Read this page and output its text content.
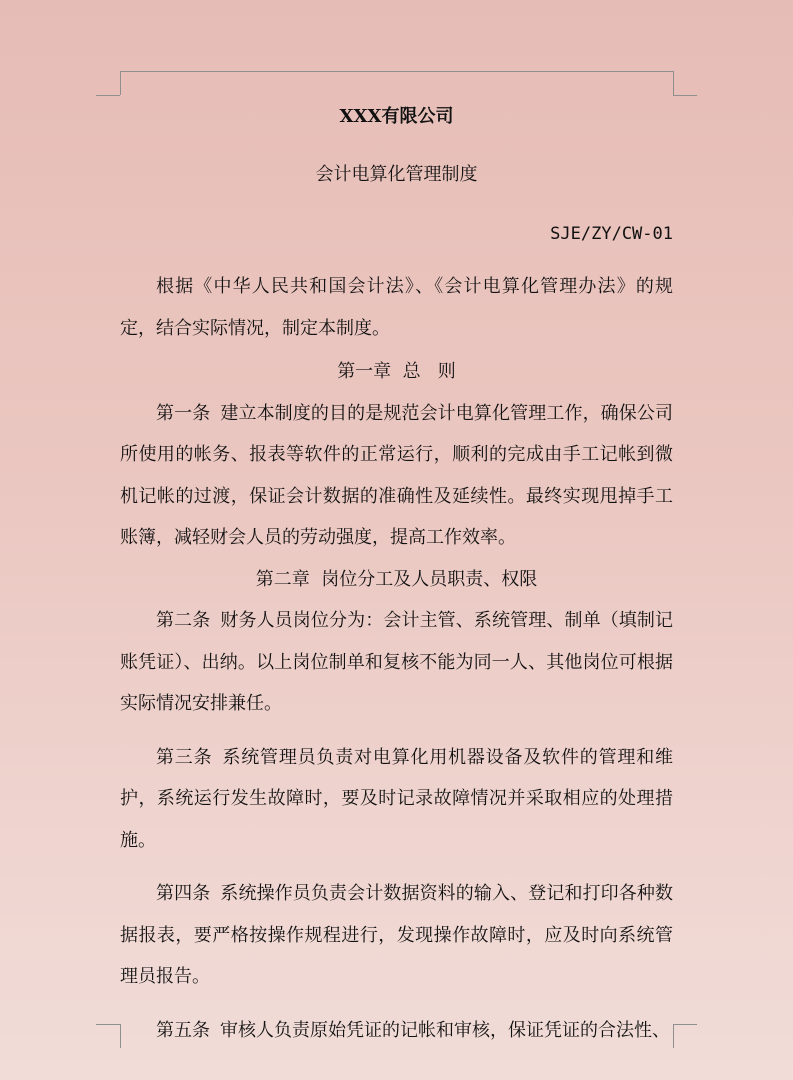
XXX有限公司
会计电算化管理制度
SJE/ZY/CW-01

根据《中华人民共和国会计法》、《会计电算化管理办法》的规定，结合实际情况，制定本制度。

第一章  总   则

第一条 建立本制度的目的是规范会计电算化管理工作，确保公司所使用的帐务、报表等软件的正常运行，顺利的完成由手工记帐到微机记帐的过渡，保证会计数据的准确性及延续性。最终实现甩掉手工账簿，减轻财会人员的劳动强度，提高工作效率。

第二章  岗位分工及人员职责、权限

第二条 财务人员岗位分为：会计主管、系统管理、制单（填制记账凭证）、出纳。以上岗位制单和复核不能为同一人、其他岗位可根据实际情况安排兼任。

第三条 系统管理员负责对电算化用机器设备及软件的管理和维护，系统运行发生故障时，要及时记录故障情况并采取相应的处理措施。

第四条 系统操作员负责会计数据资料的输入、登记和打印各种数据报表，要严格按操作规程进行，发现操作故障时，应及时向系统管理员报告。

第五条 审核人负责原始凭证的记帐和审核，保证凭证的合法性、
